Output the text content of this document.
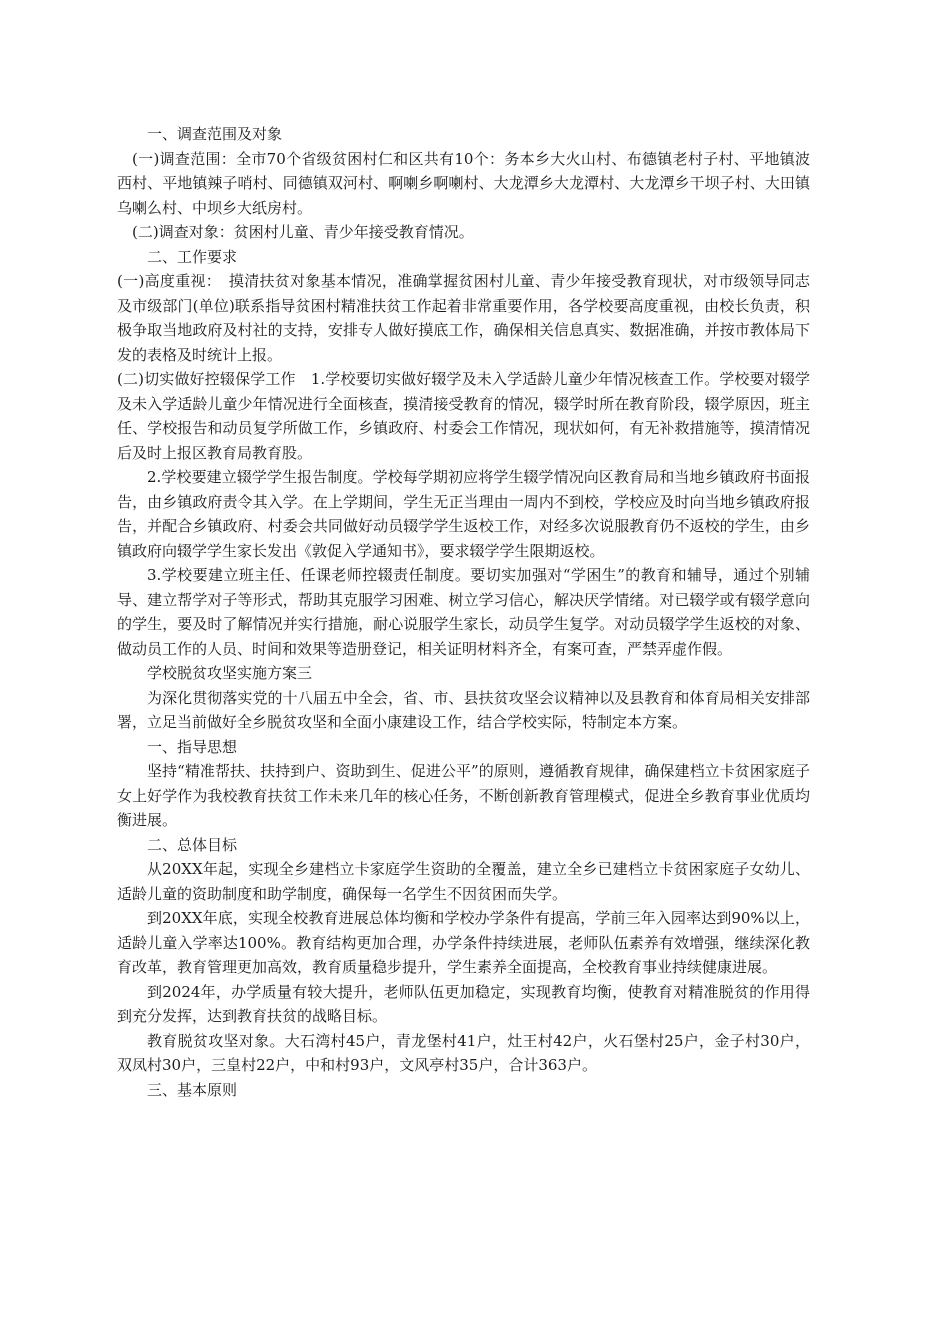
一、调查范围及对象

(一)调查范围：全市70个省级贫困村仁和区共有10个：务本乡大火山村、布德镇老村子村、平地镇波西村、平地镇辣子哨村、同德镇双河村、啊喇乡啊喇村、大龙潭乡大龙潭村、大龙潭乡干坝子村、大田镇乌喇么村、中坝乡大纸房村。

(二)调查对象：贫困村儿童、青少年接受教育情况。

二、工作要求

(一)高度重视：　摸清扶贫对象基本情况，准确掌握贫困村儿童、青少年接受教育现状，对市级领导同志及市级部门(单位)联系指导贫困村精准扶贫工作起着非常重要作用，各学校要高度重视，由校长负责，积极争取当地政府及村社的支持，安排专人做好摸底工作，确保相关信息真实、数据准确，并按市教体局下发的表格及时统计上报。

(二)切实做好控辍保学工作　1.学校要切实做好辍学及未入学适龄儿童少年情况核查工作。学校要对辍学及未入学适龄儿童少年情况进行全面核查，摸清接受教育的情况，辍学时所在教育阶段，辍学原因，班主任、学校报告和动员复学所做工作，乡镇政府、村委会工作情况，现状如何，有无补救措施等，摸清情况后及时上报区教育局教育股。

2.学校要建立辍学学生报告制度。学校每学期初应将学生辍学情况向区教育局和当地乡镇政府书面报告，由乡镇政府责令其入学。在上学期间，学生无正当理由一周内不到校，学校应及时向当地乡镇政府报告，并配合乡镇政府、村委会共同做好动员辍学学生返校工作，对经多次说服教育仍不返校的学生，由乡镇政府向辍学学生家长发出《敦促入学通知书》，要求辍学学生限期返校。

3.学校要建立班主任、任课老师控辍责任制度。要切实加强对“学困生”的教育和辅导，通过个别辅导、建立帮学对子等形式，帮助其克服学习困难、树立学习信心，解决厌学情绪。对已辍学或有辍学意向的学生，要及时了解情况并实行措施，耐心说服学生家长，动员学生复学。对动员辍学学生返校的对象、做动员工作的人员、时间和效果等造册登记，相关证明材料齐全，有案可查，严禁弄虚作假。

学校脱贫攻坚实施方案三

为深化贯彻落实党的十八届五中全会，省、市、县扶贫攻坚会议精神以及县教育和体育局相关安排部署，立足当前做好全乡脱贫攻坚和全面小康建设工作，结合学校实际，特制定本方案。

一、指导思想

坚持“精准帮扶、扶持到户、资助到生、促进公平”的原则，遵循教育规律，确保建档立卡贫困家庭子女上好学作为我校教育扶贫工作未来几年的核心任务，不断创新教育管理模式，促进全乡教育事业优质均衡进展。

二、总体目标

从20XX年起，实现全乡建档立卡家庭学生资助的全覆盖，建立全乡已建档立卡贫困家庭子女幼儿、适龄儿童的资助制度和助学制度，确保每一名学生不因贫困而失学。

到20XX年底，实现全校教育进展总体均衡和学校办学条件有提高，学前三年入园率达到90%以上，适龄儿童入学率达100%。教育结构更加合理，办学条件持续进展，老师队伍素养有效增强，继续深化教育改革，教育管理更加高效，教育质量稳步提升，学生素养全面提高，全校教育事业持续健康进展。

到2024年，办学质量有较大提升，老师队伍更加稳定，实现教育均衡，使教育对精准脱贫的作用得到充分发挥，达到教育扶贫的战略目标。

教育脱贫攻坚对象。大石湾村45户，青龙堡村41户，灶王村42户，火石堡村25户，金子村30户，双凤村30户，三皇村22户，中和村93户，文风亭村35户，合计363户。

三、基本原则
